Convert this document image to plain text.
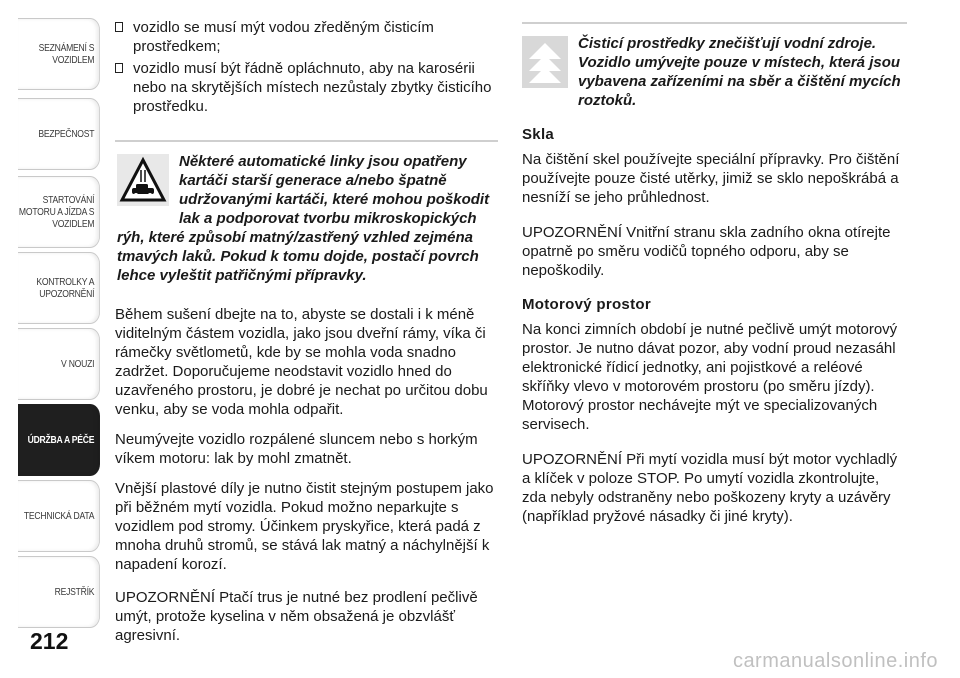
SEZNÁMENÍ S VOZIDLEM
BEZPEČNOST
STARTOVÁNÍ MOTORU A JÍZDA S VOZIDLEM
KONTROLKY A UPOZORNĚNÍ
V NOUZI
ÚDRŽBA A PÉČE
TECHNICKÁ DATA
REJSTŘÍK
212
vozidlo se musí mýt vodou zředěným čisticím prostředkem;
vozidlo musí být řádně opláchnuto, aby na karosérii nebo na skrytějších místech nezůstaly zbytky čisticího prostředku.

Některé automatické linky jsou opatřeny kartáči starší generace a/nebo špatně udržovanými kartáči, které mohou poškodit lak a podporovat tvorbu mikroskopických rýh, které způsobí matný/zastřený vzhled zejména tmavých laků. Pokud k tomu dojde, postačí povrch lehce vyleštit patřičnými přípravky.

Během sušení dbejte na to, abyste se dostali i k méně viditelným částem vozidla, jako jsou dveřní rámy, víka či rámečky světlometů, kde by se mohla voda snadno zadržet. Doporučujeme neodstavit vozidlo hned do uzavřeného prostoru, je dobré je nechat po určitou dobu venku, aby se voda mohla odpařit.

Neumývejte vozidlo rozpálené sluncem nebo s horkým víkem motoru: lak by mohl zmatnět.

Vnější plastové díly je nutno čistit stejným postupem jako při běžném mytí vozidla. Pokud možno neparkujte s vozidlem pod stromy. Účinkem pryskyřice, která padá z mnoha druhů stromů, se stává lak matný a náchylnější k napadení korozí.

UPOZORNĚNÍ Ptačí trus je nutné bez prodlení pečlivě umýt, protože kyselina v něm obsažená je obzvlášť agresivní.

Čisticí prostředky znečišťují vodní zdroje. Vozidlo umývejte pouze v místech, která jsou vybavena zařízeními na sběr a čištění mycích roztoků.

Skla

Na čištění skel používejte speciální přípravky. Pro čištění používejte pouze čisté utěrky, jimiž se sklo nepoškrábá a nesníží se jeho průhlednost.

UPOZORNĚNÍ Vnitřní stranu skla zadního okna otírejte opatrně po směru vodičů topného odporu, aby se nepoškodily.

Motorový prostor

Na konci zimních období je nutné pečlivě umýt motorový prostor. Je nutno dávat pozor, aby vodní proud nezasáhl elektronické řídicí jednotky, ani pojistkové a reléové skříňky vlevo v motorovém prostoru (po směru jízdy). Motorový prostor nechávejte mýt ve specializovaných servisech.

UPOZORNĚNÍ Při mytí vozidla musí být motor vychladlý a klíček v poloze STOP. Po umytí vozidla zkontrolujte, zda nebyly odstraněny nebo poškozeny kryty a uzávěry (například pryžové násadky či jiné kryty).

carmanualsonline.info
